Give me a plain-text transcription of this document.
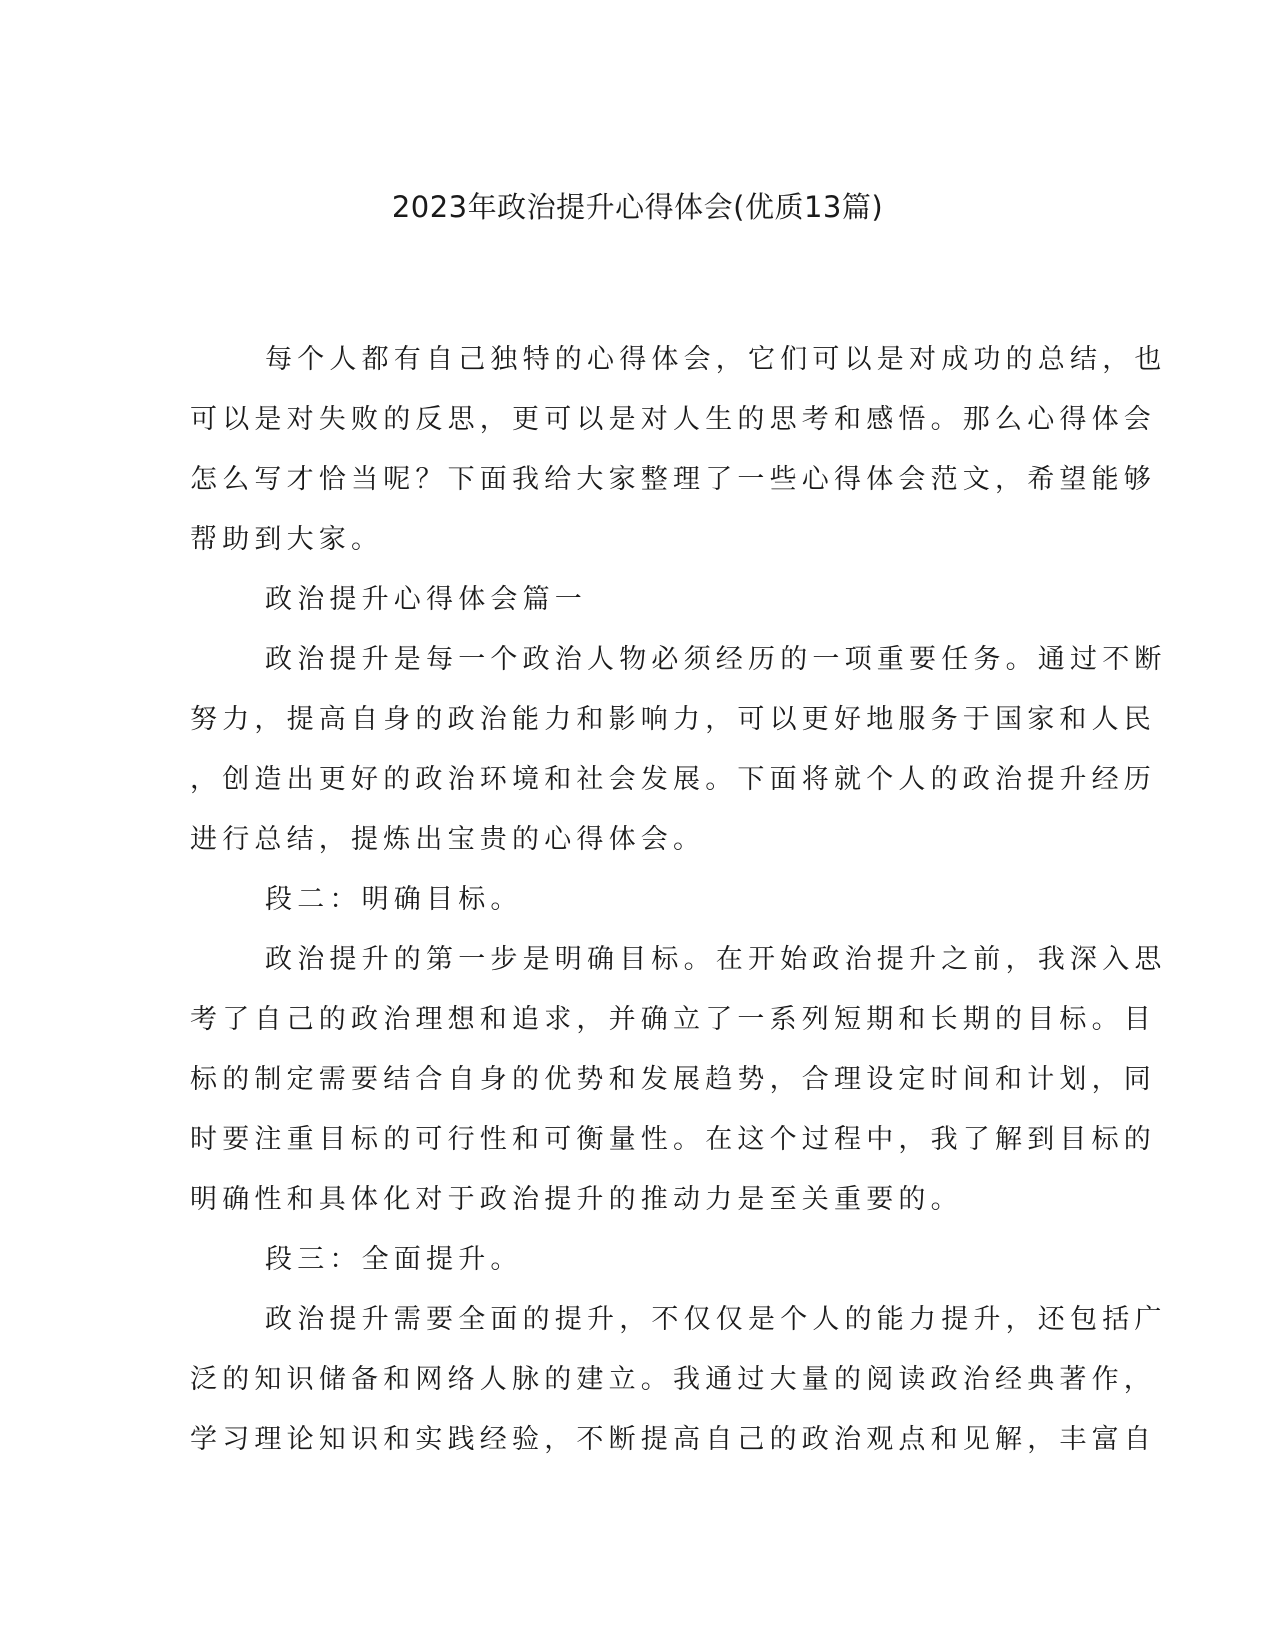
2023年政治提升心得体会(优质13篇)
每个人都有自己独特的心得体会，它们可以是对成功的总结，也
可以是对失败的反思，更可以是对人生的思考和感悟。那么心得体会
怎么写才恰当呢？下面我给大家整理了一些心得体会范文，希望能够
帮助到大家。
政治提升心得体会篇一
政治提升是每一个政治人物必须经历的一项重要任务。通过不断
努力，提高自身的政治能力和影响力，可以更好地服务于国家和人民
，创造出更好的政治环境和社会发展。下面将就个人的政治提升经历
进行总结，提炼出宝贵的心得体会。
段二：明确目标。
政治提升的第一步是明确目标。在开始政治提升之前，我深入思
考了自己的政治理想和追求，并确立了一系列短期和长期的目标。目
标的制定需要结合自身的优势和发展趋势，合理设定时间和计划，同
时要注重目标的可行性和可衡量性。在这个过程中，我了解到目标的
明确性和具体化对于政治提升的推动力是至关重要的。
段三：全面提升。
政治提升需要全面的提升，不仅仅是个人的能力提升，还包括广
泛的知识储备和网络人脉的建立。我通过大量的阅读政治经典著作，
学习理论知识和实践经验，不断提高自己的政治观点和见解，丰富自
